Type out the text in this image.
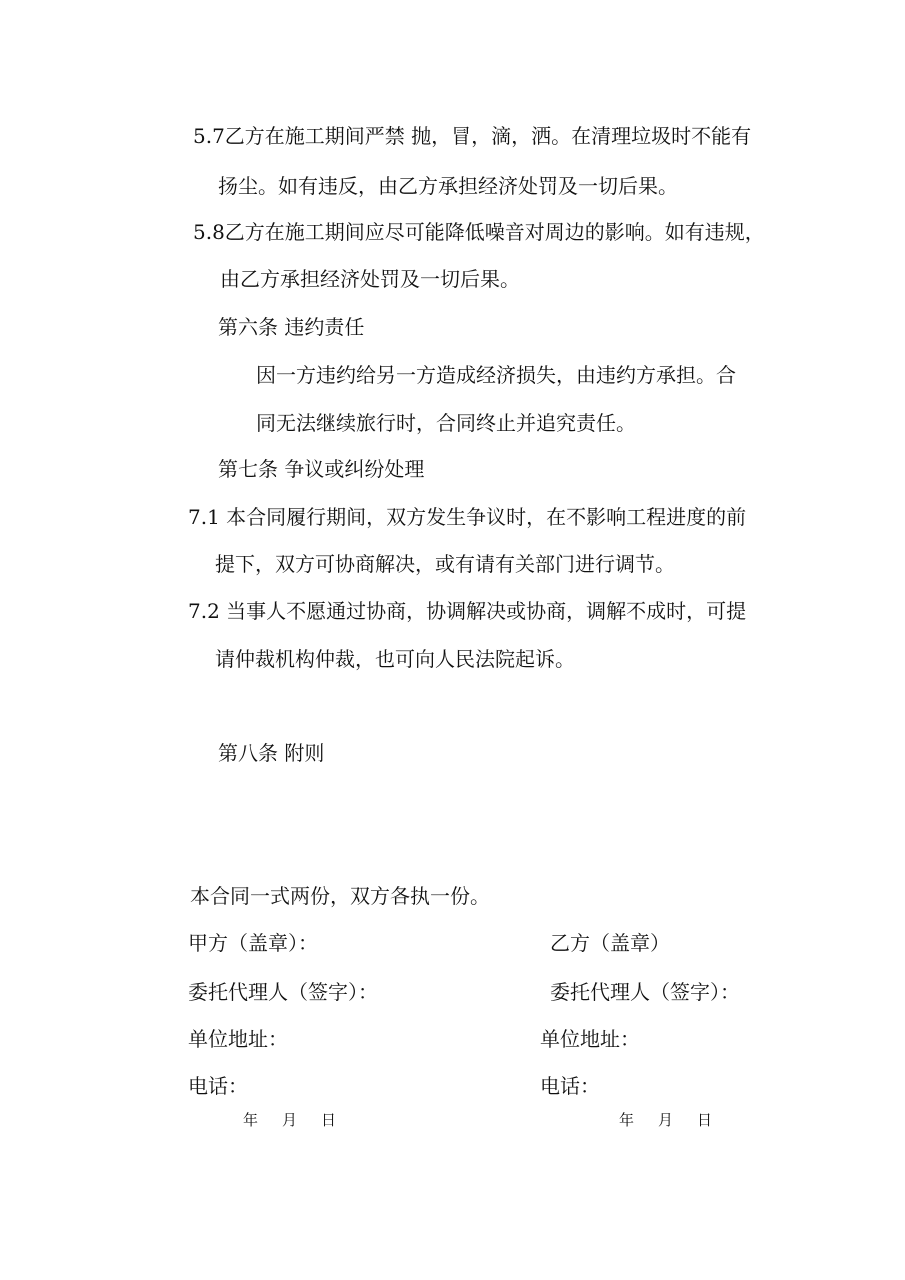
5.7乙方在施工期间严禁 抛，冒，滴，洒。在清理垃圾时不能有
扬尘。如有违反，由乙方承担经济处罚及一切后果。
5.8乙方在施工期间应尽可能降低噪音对周边的影响。如有违规，
由乙方承担经济处罚及一切后果。
第六条 违约责任
因一方违约给另一方造成经济损失，由违约方承担。合
同无法继续旅行时，合同终止并追究责任。
第七条 争议或纠纷处理
7.1 本合同履行期间，双方发生争议时，在不影响工程进度的前
提下，双方可协商解决，或有请有关部门进行调节。
7.2 当事人不愿通过协商，协调解决或协商，调解不成时，可提
请仲裁机构仲裁，也可向人民法院起诉。
第八条 附则
本合同一式两份，双方各执一份。
甲方（盖章）：
委托代理人（签字）：
单位地址：
电话：
乙方（盖章）
委托代理人（签字）：
单位地址：
电话：
年 月 日	年 月 日
